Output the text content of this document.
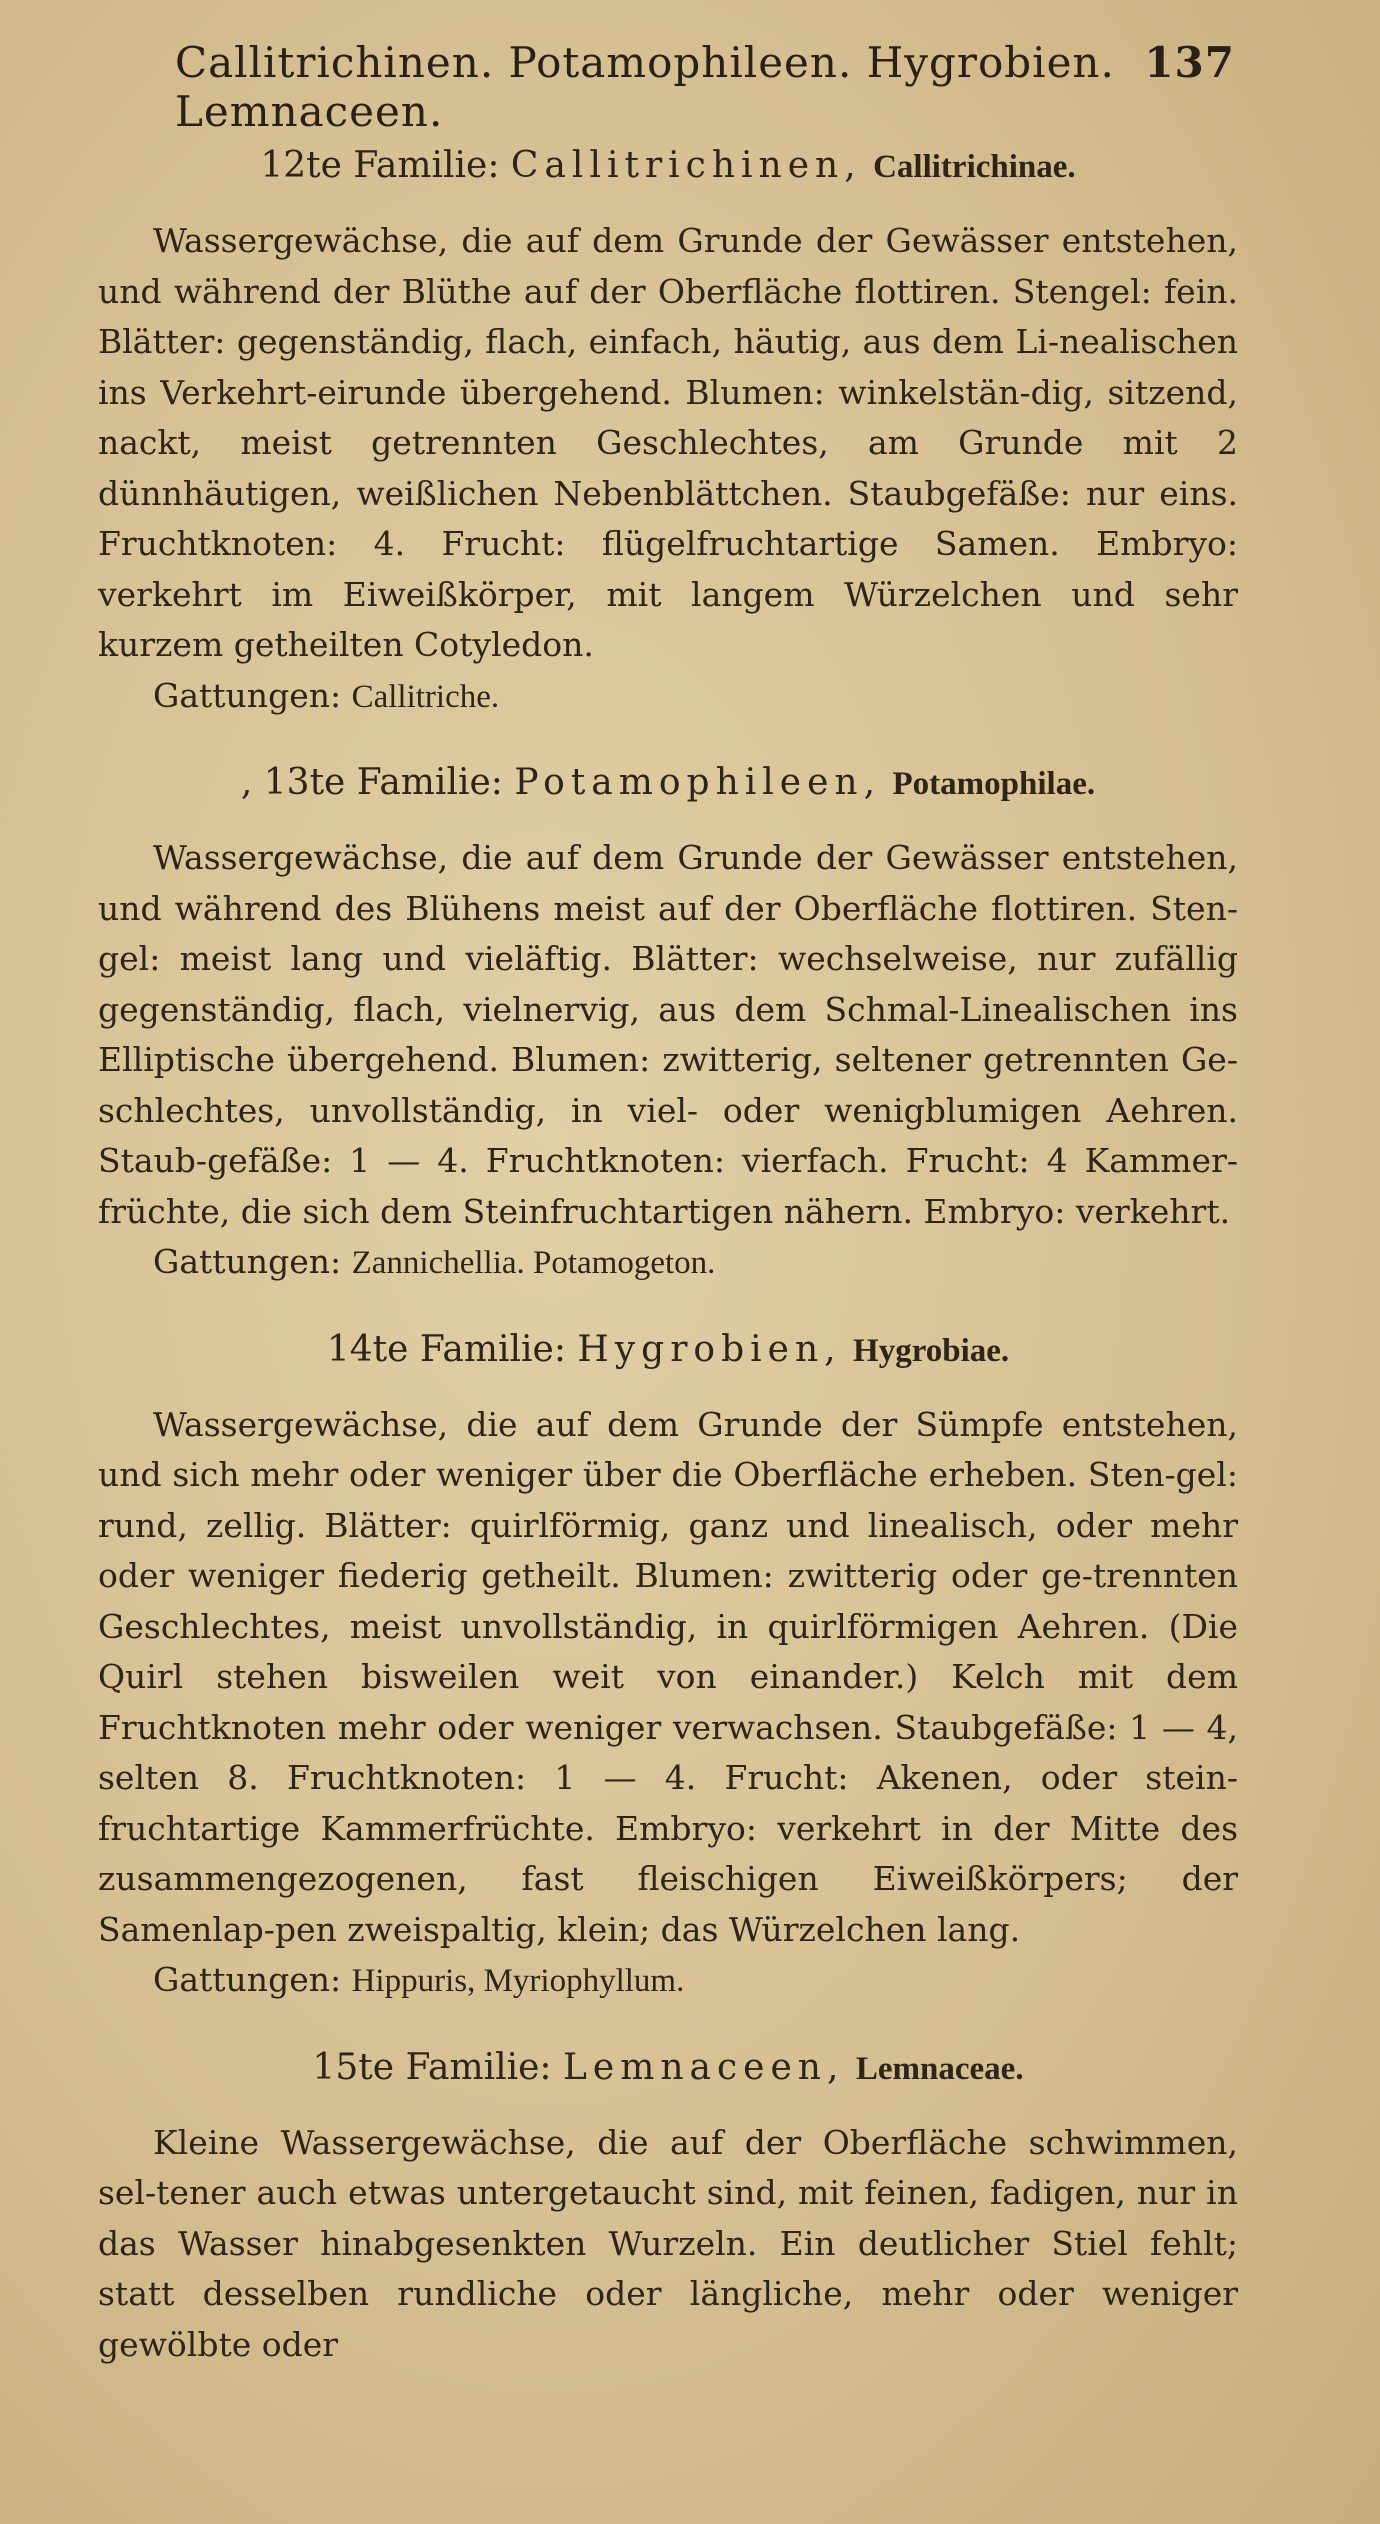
Callitrichinen. Potamophileen. Hygrobien. Lemnaceen.
137
12te Familie: Callitrichinen, Callitrichinae.

Wassergewächse, die auf dem Grunde der Gewässer entstehen, und während der Blüthe auf der Oberfläche flottiren. Stengel: fein. Blätter: gegenständig, flach, einfach, häutig, aus dem Li-nealischen ins Verkehrt-eirunde übergehend. Blumen: winkelstän-dig, sitzend, nackt, meist getrennten Geschlechtes, am Grunde mit 2 dünnhäutigen, weißlichen Nebenblättchen. Staubgefäße: nur eins. Fruchtknoten: 4. Frucht: flügelfruchtartige Samen. Embryo: verkehrt im Eiweißkörper, mit langem Würzelchen und sehr kurzem getheilten Cotyledon.

Gattungen: Callitriche.

, 13te Familie: Potamophileen, Potamophilae.

Wassergewächse, die auf dem Grunde der Gewässer entstehen, und während des Blühens meist auf der Oberfläche flottiren. Sten-gel: meist lang und vieläftig. Blätter: wechselweise, nur zufällig gegenständig, flach, vielnervig, aus dem Schmal-Linealischen ins Elliptische übergehend. Blumen: zwitterig, seltener getrennten Ge-schlechtes, unvollständig, in viel- oder wenigblumigen Aehren. Staub-gefäße: 1 — 4. Fruchtknoten: vierfach. Frucht: 4 Kammer-früchte, die sich dem Steinfruchtartigen nähern. Embryo: verkehrt.

Gattungen: Zannichellia. Potamogeton.

14te Familie: Hygrobien, Hygrobiae.

Wassergewächse, die auf dem Grunde der Sümpfe entstehen, und sich mehr oder weniger über die Oberfläche erheben. Sten-gel: rund, zellig. Blätter: quirlförmig, ganz und linealisch, oder mehr oder weniger fiederig getheilt. Blumen: zwitterig oder ge-trennten Geschlechtes, meist unvollständig, in quirlförmigen Aehren. (Die Quirl stehen bisweilen weit von einander.) Kelch mit dem Fruchtknoten mehr oder weniger verwachsen. Staubgefäße: 1 — 4, selten 8. Fruchtknoten: 1 — 4. Frucht: Akenen, oder stein-fruchtartige Kammerfrüchte. Embryo: verkehrt in der Mitte des zusammengezogenen, fast fleischigen Eiweißkörpers; der Samenlap-pen zweispaltig, klein; das Würzelchen lang.

Gattungen: Hippuris, Myriophyllum.

15te Familie: Lemnaceen, Lemnaceae.

Kleine Wassergewächse, die auf der Oberfläche schwimmen, sel-tener auch etwas untergetaucht sind, mit feinen, fadigen, nur in das Wasser hinabgesenkten Wurzeln. Ein deutlicher Stiel fehlt; statt desselben rundliche oder längliche, mehr oder weniger gewölbte oder
